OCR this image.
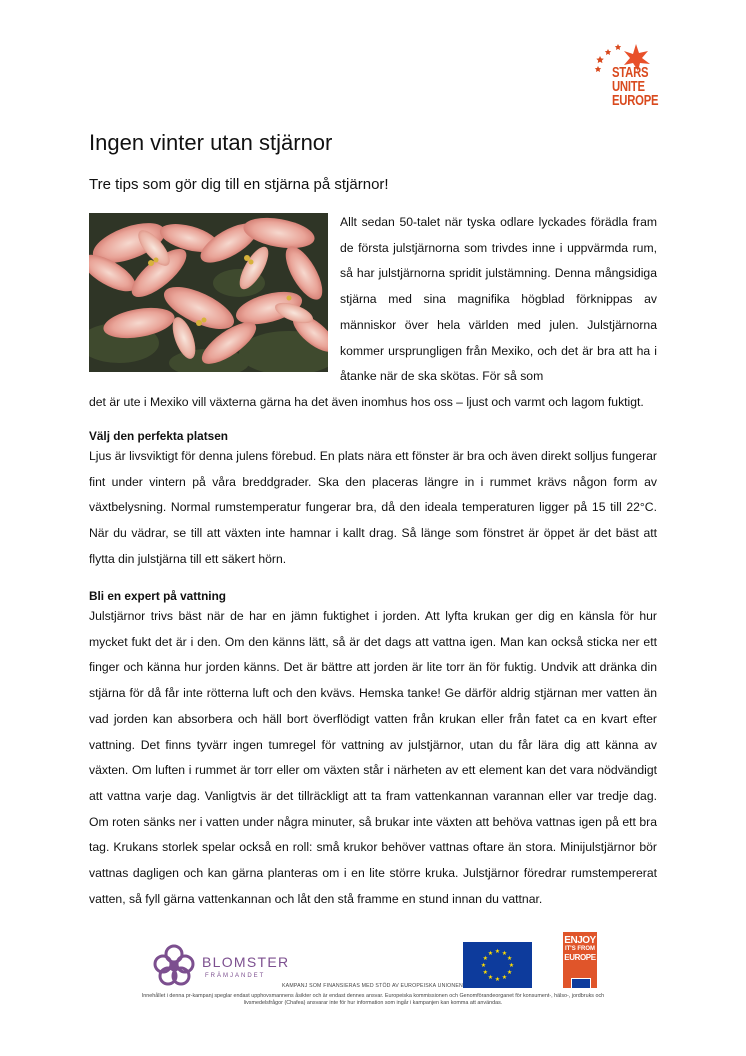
STARS
UNITE
EUROPE
Ingen vinter utan stjärnor
Tre tips som gör dig till en stjärna på stjärnor!
Allt sedan 50-talet när tyska odlare lyckades förädla fram de första julstjärnorna som trivdes inne i uppvärmda rum, så har julstjärnorna spridit julstämning. Denna mångsidiga stjärna med sina magnifika högblad förknippas av människor över hela världen med julen. Julstjärnorna kommer ursprungligen från Mexiko, och det är bra att ha i åtanke när de ska skötas. För så som
det är ute i Mexiko vill växterna gärna ha det även inomhus hos oss – ljust och varmt och lagom fuktigt.
Välj den perfekta platsen
Ljus är livsviktigt för denna julens förebud. En plats nära ett fönster är bra och även direkt solljus fungerar fint under vintern på våra breddgrader. Ska den placeras längre in i rummet krävs någon form av växtbelysning. Normal rumstemperatur fungerar bra, då den ideala temperaturen ligger på 15 till 22°C. När du vädrar, se till att växten inte hamnar i kallt drag. Så länge som fönstret är öppet är det bäst att flytta din julstjärna till ett säkert hörn.
Bli en expert på vattning
Julstjärnor trivs bäst när de har en jämn fuktighet i jorden. Att lyfta krukan ger dig en känsla för hur mycket fukt det är i den. Om den känns lätt, så är det dags att vattna igen. Man kan också sticka ner ett finger och känna hur jorden känns. Det är bättre att jorden är lite torr än för fuktig. Undvik att dränka din stjärna för då får inte rötterna luft och den kvävs. Hemska tanke! Ge därför aldrig stjärnan mer vatten än vad jorden kan absorbera och häll bort överflödigt vatten från krukan eller från fatet ca en kvart efter vattning. Det finns tyvärr ingen tumregel för vattning av julstjärnor, utan du får lära dig att känna av växten. Om luften i rummet är torr eller om växten står i närheten av ett element kan det vara nödvändigt att vattna varje dag. Vanligtvis är det tillräckligt att ta fram vattenkannan varannan eller var tredje dag. Om roten sänks ner i vatten under några minuter, så brukar inte växten att behöva vattnas igen på ett bra tag. Krukans storlek spelar också en roll: små krukor behöver vattnas oftare än stora. Minijulstjärnor bör vattnas dagligen och kan gärna planteras om i en lite större kruka. Julstjärnor föredrar rumstempererat vatten, så fyll gärna vattenkannan och låt den stå framme en stund innan du vattnar.
BLOMSTER
FRÄMJANDET
KAMPANJ SOM FINANSIERAS MED STÖD AV EUROPEISKA UNIONEN
★ ★
★
★
★
★
★
★
★
★
★
★
ENJOY
IT'S FROM
EUROPE
Innehållet i denna pr-kampanj speglar endast upphovsmannens åsikter och är endast dennes ansvar. Europeiska kommissionen och Genomförandeorganet för konsument-, hälso-, jordbruks och livsmedelsfrågor (Chafea) ansvarar inte för hur information som ingår i kampanjen kan komma att användas.
